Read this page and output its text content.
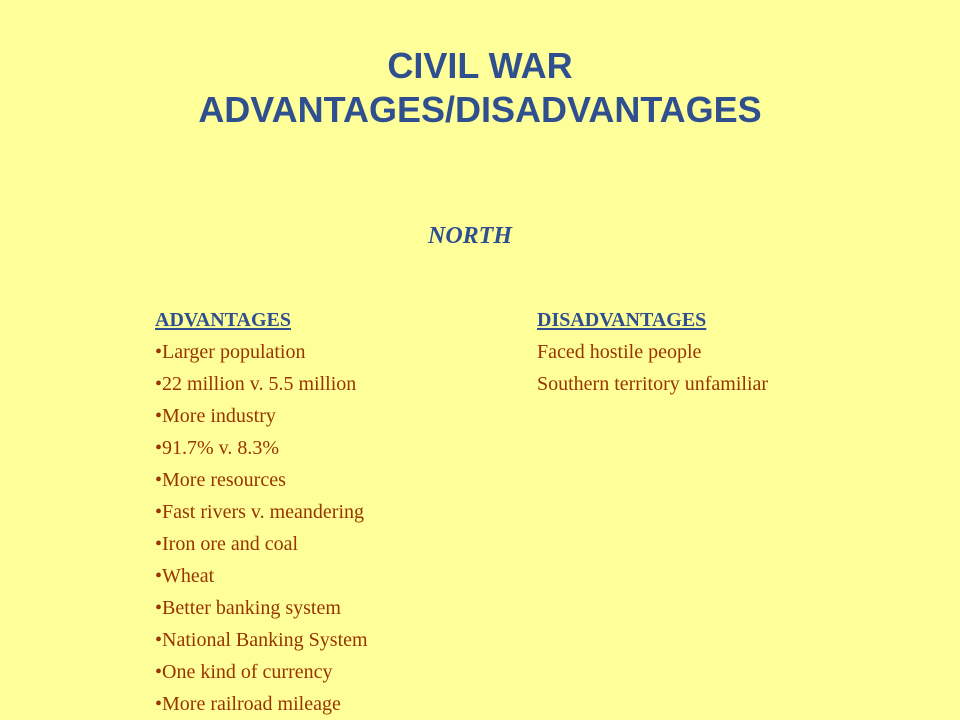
CIVIL WAR
ADVANTAGES/DISADVANTAGES
NORTH
ADVANTAGES
• Larger population
• 22 million v. 5.5 million
• More industry
• 91.7% v. 8.3%
• More resources
• Fast rivers v. meandering
• Iron ore and coal
• Wheat
• Better banking system
• National Banking System
• One kind of currency
• More railroad mileage
DISADVANTAGES
Faced hostile people
Southern territory unfamiliar
